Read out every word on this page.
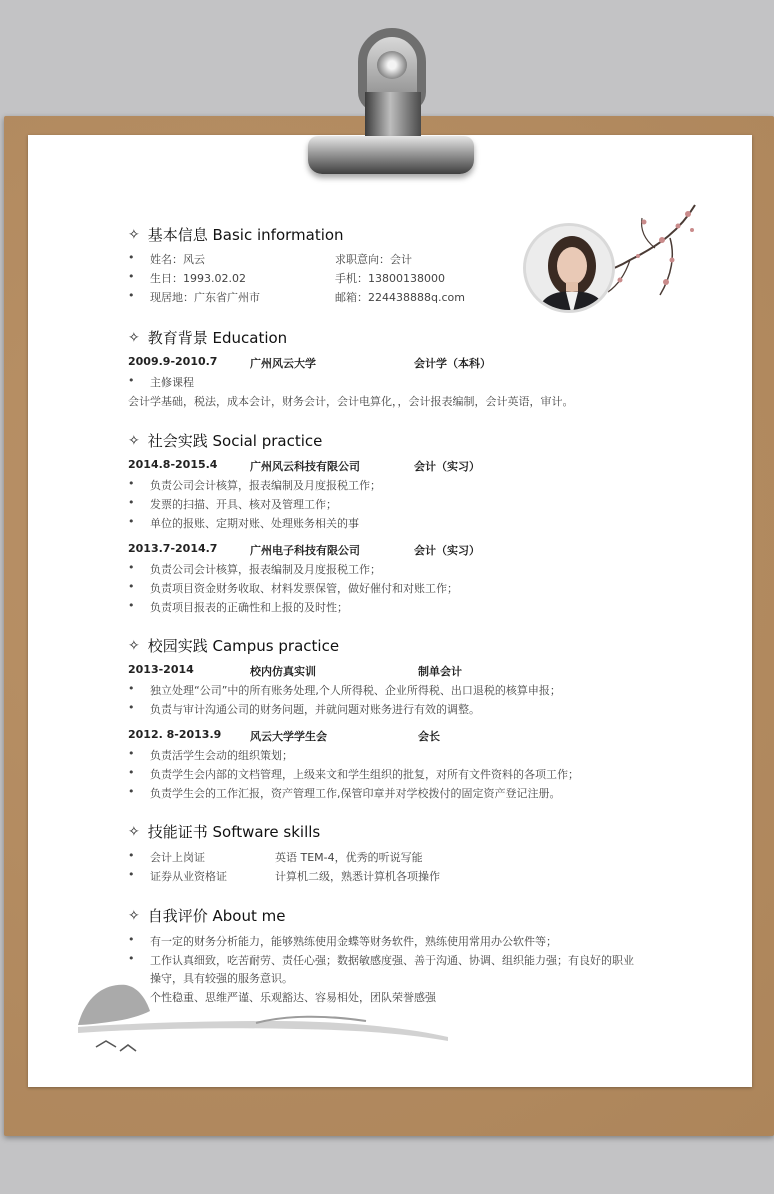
✧ 基本信息 Basic information
• 姓名：风云	求职意向：会计
• 生日：1993.02.02	手机：13800138000
• 现居地：广东省广州市	邮箱：224438888q.com
✧ 教育背景 Education
2009.9-2010.7	广州风云大学	会计学（本科）
• 主修课程
会计学基础，税法，成本会计，财务会计，会计电算化，，会计报表编制，会计英语，审计。
✧ 社会实践 Social practice
2014.8-2015.4	广州风云科技有限公司	会计（实习）
• 负责公司会计核算，报表编制及月度报税工作；
• 发票的扫描、开具、核对及管理工作；
• 单位的报账、定期对账、处理账务相关的事
2013.7-2014.7	广州电子科技有限公司	会计（实习）
• 负责公司会计核算，报表编制及月度报税工作；
• 负责项目资金财务收取、材料发票保管，做好催付和对账工作；
• 负责项目报表的正确性和上报的及时性；
✧ 校园实践 Campus practice
2013-2014	校内仿真实训	制单会计
• 独立处理“公司”中的所有账务处理,个人所得税、企业所得税、出口退税的核算申报；
• 负责与审计沟通公司的财务问题，并就问题对账务进行有效的调整。
2012. 8-2013.9	风云大学学生会	会长
• 负责活学生会动的组织策划；
• 负责学生会内部的文档管理，上级来文和学生组织的批复，对所有文件资料的各项工作；
• 负责学生会的工作汇报，资产管理工作,保管印章并对学校拨付的固定资产登记注册。
✧ 技能证书 Software skills
• 会计上岗证	英语 TEM-4，优秀的听说写能
• 证券从业资格证	计算机二级，熟悉计算机各项操作
✧ 自我评价 About me
• 有一定的财务分析能力，能够熟练使用金蝶等财务软件，熟练使用常用办公软件等；
• 工作认真细致，吃苦耐劳、责任心强；数据敏感度强、善于沟通、协调、组织能力强；有良好的职业
操守，具有较强的服务意识。
个性稳重、思维严谨、乐观豁达、容易相处，团队荣誉感强
